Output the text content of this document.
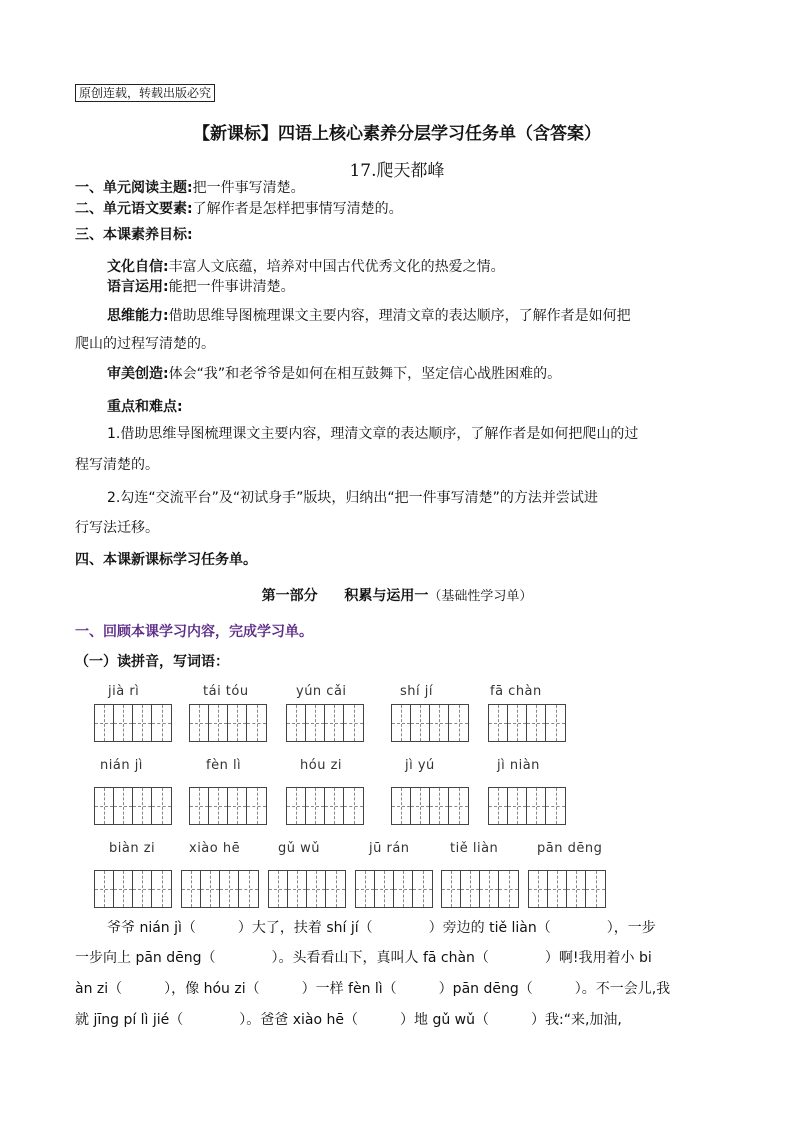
原创连载，转载出版必究
【新课标】四语上核心素养分层学习任务单（含答案）
17.爬天都峰
一、单元阅读主题:把一件事写清楚。
二、单元语文要素:了解作者是怎样把事情写清楚的。
三、本课素养目标:
文化自信:丰富人文底蕴，培养对中国古代优秀文化的热爱之情。
语言运用:能把一件事讲清楚。
思维能力:借助思维导图梳理课文主要内容，理清文章的表达顺序，了解作者是如何把
爬山的过程写清楚的。
审美创造:体会“我”和老爷爷是如何在相互鼓舞下，坚定信心战胜困难的。
重点和难点:
1.借助思维导图梳理课文主要内容，理清文章的表达顺序，了解作者是如何把爬山的过
程写清楚的。
2.勾连“交流平台”及“初试身手”版块，归纳出“把一件事写清楚”的方法并尝试进
行写法迁移。
四、本课新课标学习任务单。
第一部分 积累与运用一（基础性学习单）
一、回顾本课学习内容，完成学习单。
（一）读拼音，写词语：
jià rì	tái tóu	yún cǎi	shí jí	fā chàn
nián jì	fèn lì	hóu zi	jì yú	jì niàn
biàn zi	xiào hē	gǔ wǔ	jū rán	tiě liàn	pān dēng
爷爷 nián jì（　　　）大了，扶着 shí jí（　　　　）旁边的 tiě liàn（　　　　），一步
一步向上 pān dēng（　　　　）。头看看山下，真叫人 fā chàn（　　　　）啊!我用着小 bi
àn zi（　　　），像 hóu zi（　　　）一样 fèn lì（　　　）pān dēng（　　　）。不一会儿,我
就 jīng pí lì jié（　　　　）。爸爸 xiào hē（　　　）地 gǔ wǔ（　　　）我:“来,加油,
